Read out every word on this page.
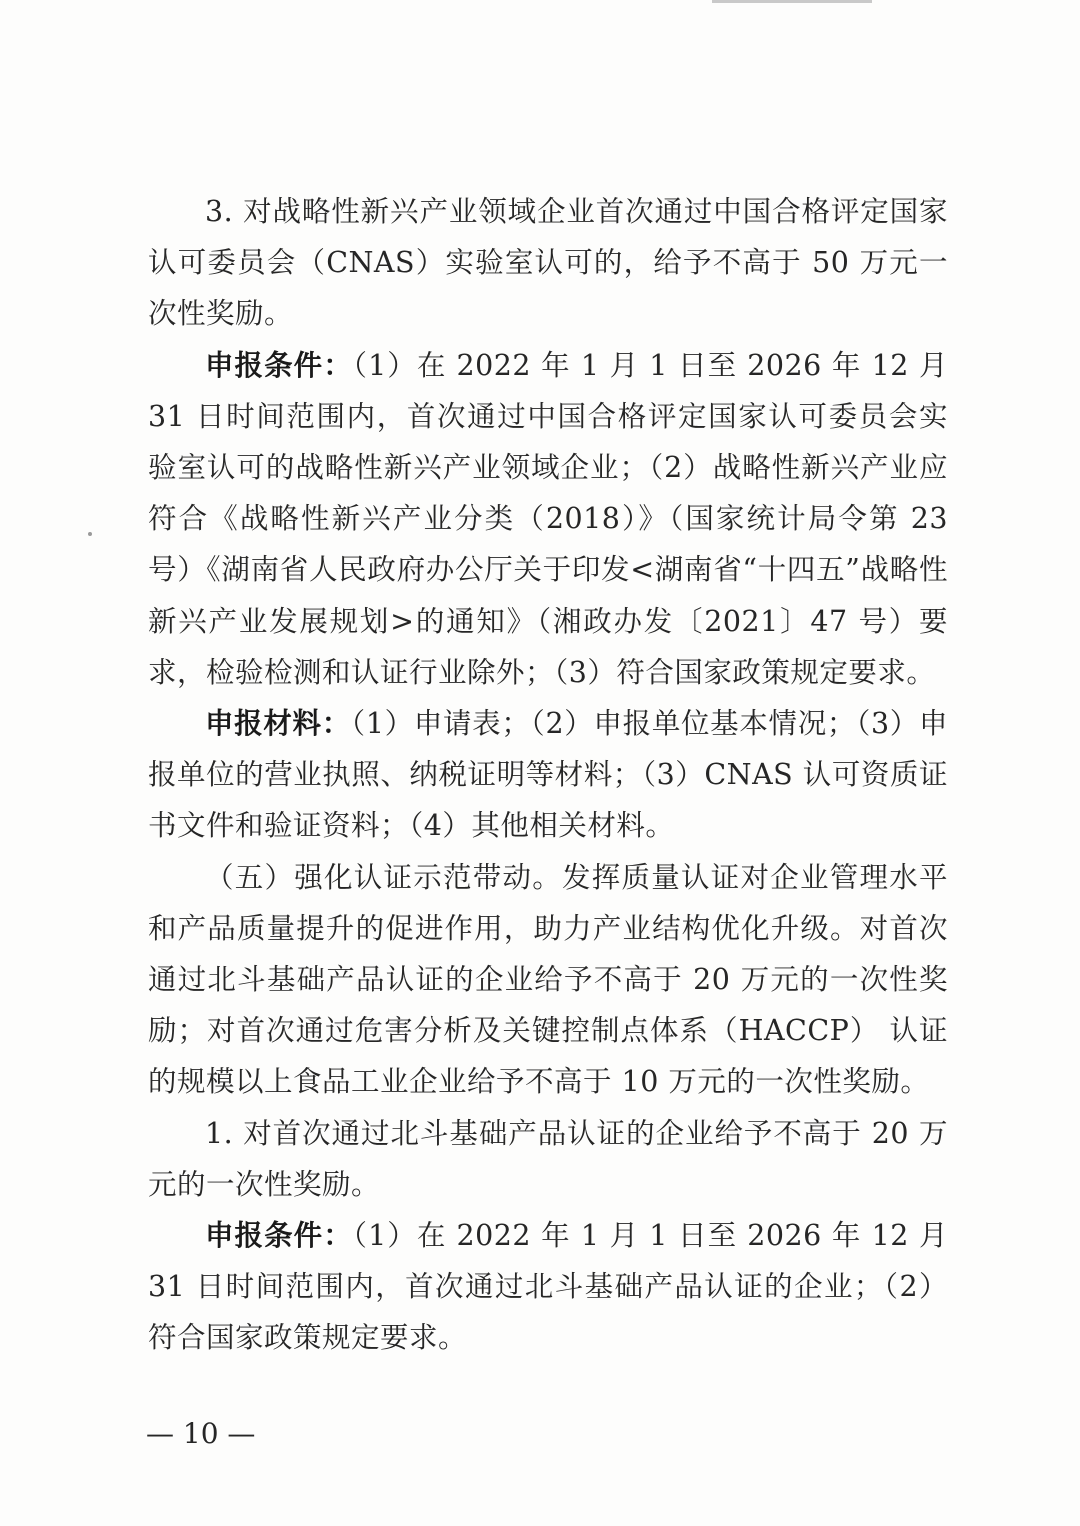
3. 对战略性新兴产业领域企业首次通过中国合格评定国家认可委员会（CNAS）实验室认可的，给予不高于 50 万元一次性奖励。

申报条件：（1）在 2022 年 1 月 1 日至 2026 年 12 月 31 日时间范围内，首次通过中国合格评定国家认可委员会实验室认可的战略性新兴产业领域企业；（2）战略性新兴产业应符合《战略性新兴产业分类（2018）》（国家统计局令第 23 号）《湖南省人民政府办公厅关于印发<湖南省“十四五”战略性新兴产业发展规划>的通知》（湘政办发〔2021〕47 号）要求，检验检测和认证行业除外；（3）符合国家政策规定要求。

申报材料：（1）申请表；（2）申报单位基本情况；（3）申报单位的营业执照、纳税证明等材料；（3）CNAS 认可资质证书文件和验证资料；（4）其他相关材料。

（五）强化认证示范带动。发挥质量认证对企业管理水平和产品质量提升的促进作用，助力产业结构优化升级。对首次通过北斗基础产品认证的企业给予不高于 20 万元的一次性奖励；对首次通过危害分析及关键控制点体系（HACCP） 认证的规模以上食品工业企业给予不高于 10 万元的一次性奖励。

1. 对首次通过北斗基础产品认证的企业给予不高于 20 万元的一次性奖励。

申报条件：（1）在 2022 年 1 月 1 日至 2026 年 12 月 31 日时间范围内，首次通过北斗基础产品认证的企业；（2）符合国家政策规定要求。

— 10 —
